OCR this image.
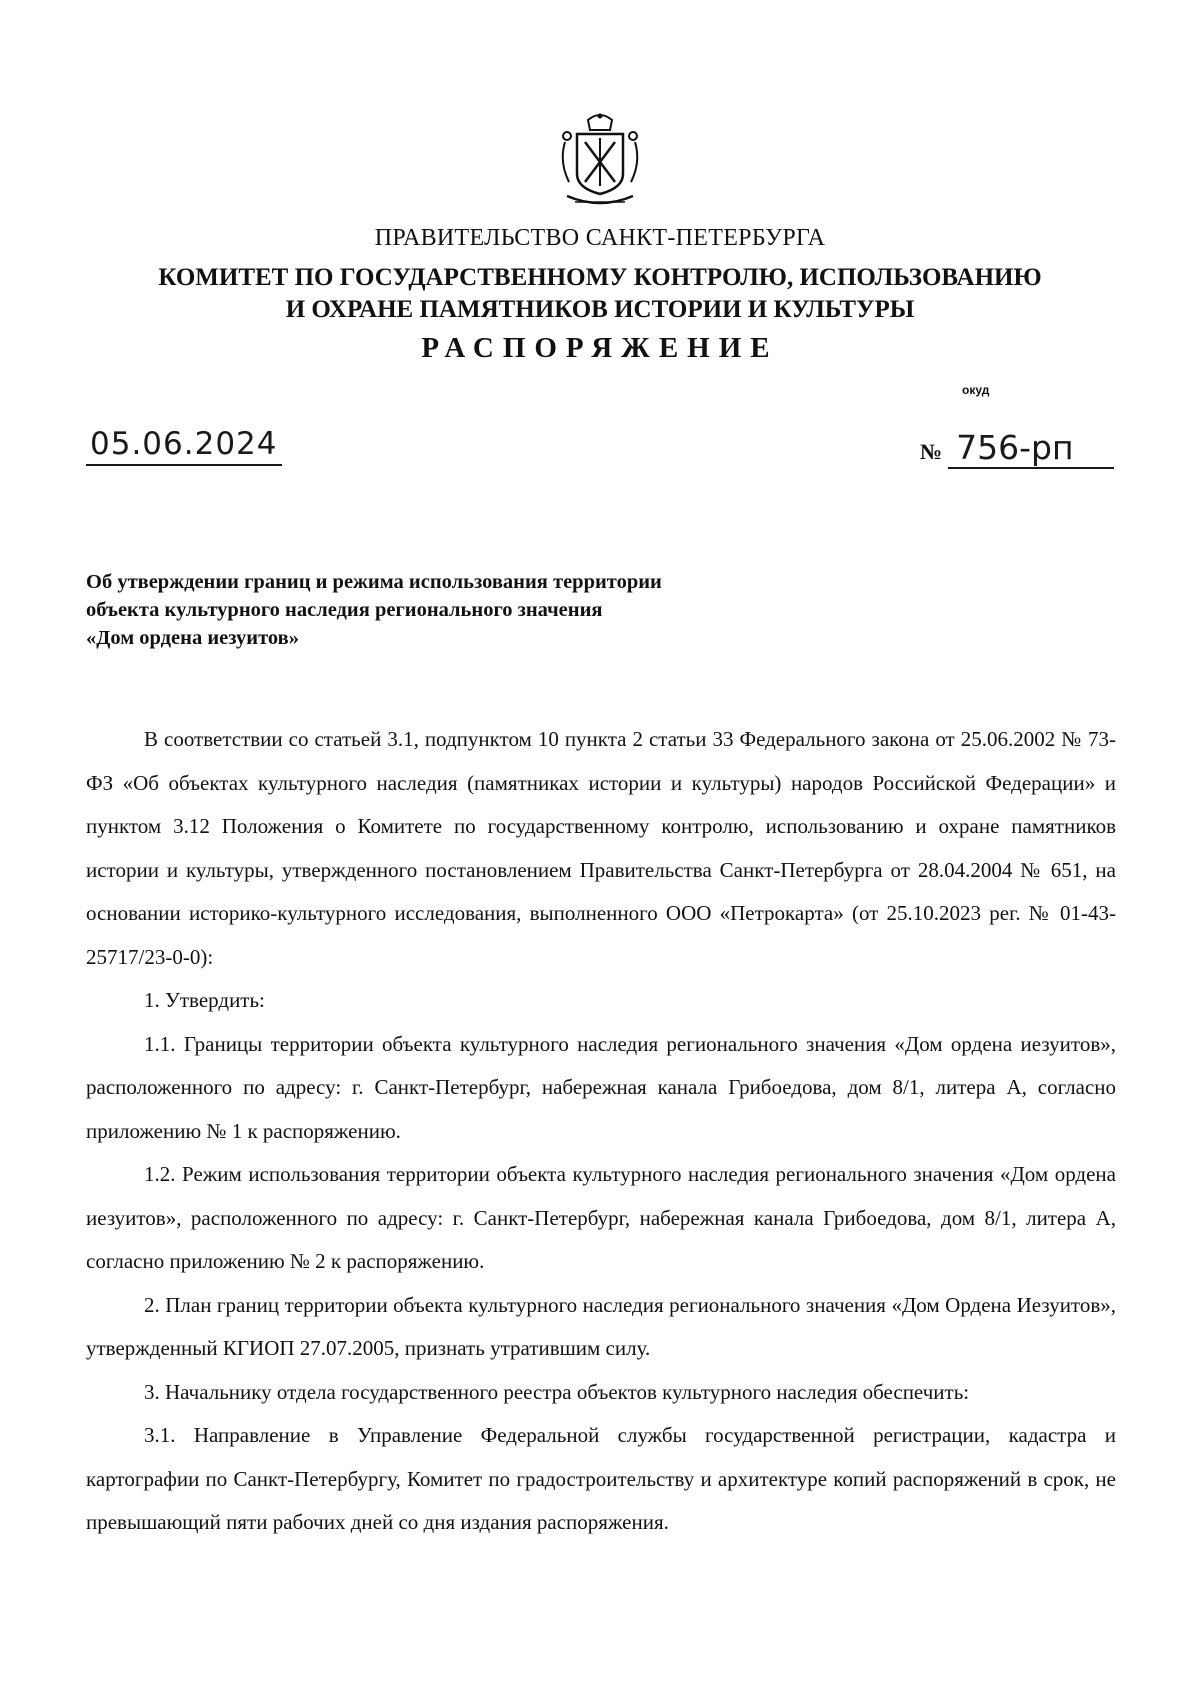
ПРАВИТЕЛЬСТВО САНКТ-ПЕТЕРБУРГА
КОМИТЕТ ПО ГОСУДАРСТВЕННОМУ КОНТРОЛЮ, ИСПОЛЬЗОВАНИЮ
И ОХРАНЕ ПАМЯТНИКОВ ИСТОРИИ И КУЛЬТУРЫ
РАСПОРЯЖЕНИЕ
окуд
05.06.2024	№ 756-рп
Об утверждении границ и режима использования территории
объекта культурного наследия регионального значения
«Дом ордена иезуитов»

В соответствии со статьей 3.1, подпунктом 10 пункта 2 статьи 33 Федерального закона от 25.06.2002 № 73-ФЗ «Об объектах культурного наследия (памятниках истории и культуры) народов Российской Федерации» и пунктом 3.12 Положения о Комитете по государственному контролю, использованию и охране памятников истории и культуры, утвержденного постановлением Правительства Санкт-Петербурга от 28.04.2004 № 651, на основании историко-культурного исследования, выполненного ООО «Петрокарта» (от 25.10.2023 рег. № 01-43-25717/23-0-0):

1. Утвердить:

1.1. Границы территории объекта культурного наследия регионального значения «Дом ордена иезуитов», расположенного по адресу: г. Санкт-Петербург, набережная канала Грибоедова, дом 8/1, литера А, согласно приложению № 1 к распоряжению.

1.2. Режим использования территории объекта культурного наследия регионального значения «Дом ордена иезуитов», расположенного по адресу: г. Санкт-Петербург, набережная канала Грибоедова, дом 8/1, литера А, согласно приложению № 2 к распоряжению.

2. План границ территории объекта культурного наследия регионального значения «Дом Ордена Иезуитов», утвержденный КГИОП 27.07.2005, признать утратившим силу.

3. Начальнику отдела государственного реестра объектов культурного наследия обеспечить:

3.1. Направление в Управление Федеральной службы государственной регистрации, кадастра и картографии по Санкт-Петербургу, Комитет по градостроительству и архитектуре копий распоряжений в срок, не превышающий пяти рабочих дней со дня издания распоряжения.
